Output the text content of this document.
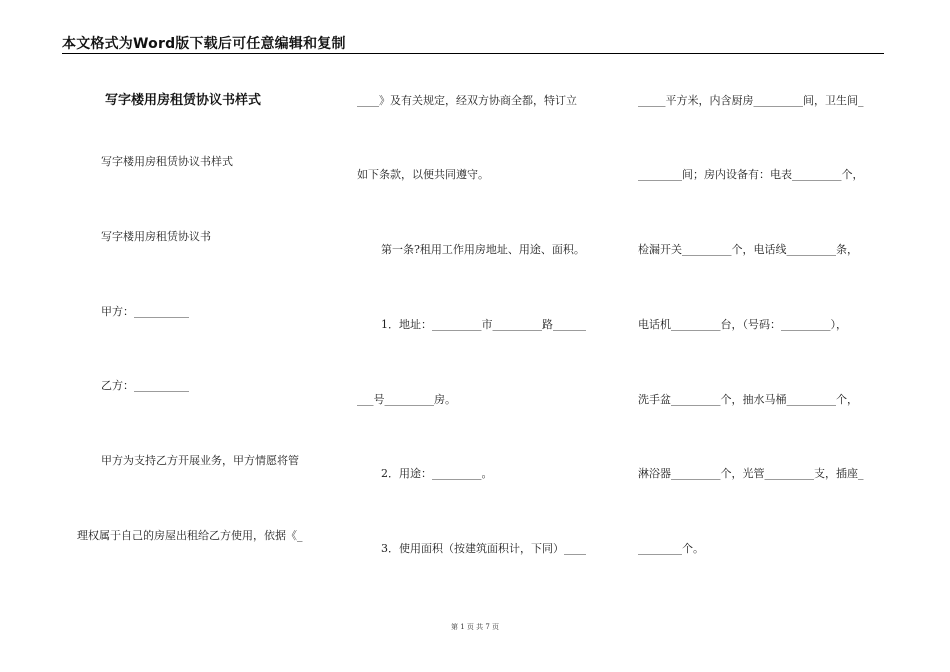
本文格式为Word版下载后可任意编辑和复制
写字楼用房租赁协议书样式
写字楼用房租赁协议书样式
写字楼用房租赁协议书
甲方：__________
乙方：__________
甲方为支持乙方开展业务，甲方情愿将管
理权属于自己的房屋出租给乙方使用，依据《_
____》及有关规定，经双方协商全都，特订立
如下条款，以便共同遵守。
第一条?租用工作用房地址、用途、面积。
1．地址：_________市_________路______
___号_________房。
2．用途：_________。
3．使用面积（按建筑面积计，下同）____
_____平方米，内含厨房_________间，卫生间_
________间；房内设备有：电表_________个，
检漏开关_________个，电话线_________条，
电话机_________台，（号码：_________），
洗手盆_________个，抽水马桶_________个，
淋浴器_________个，光管_________支，插座_
________个。
第 1 页 共 7 页
